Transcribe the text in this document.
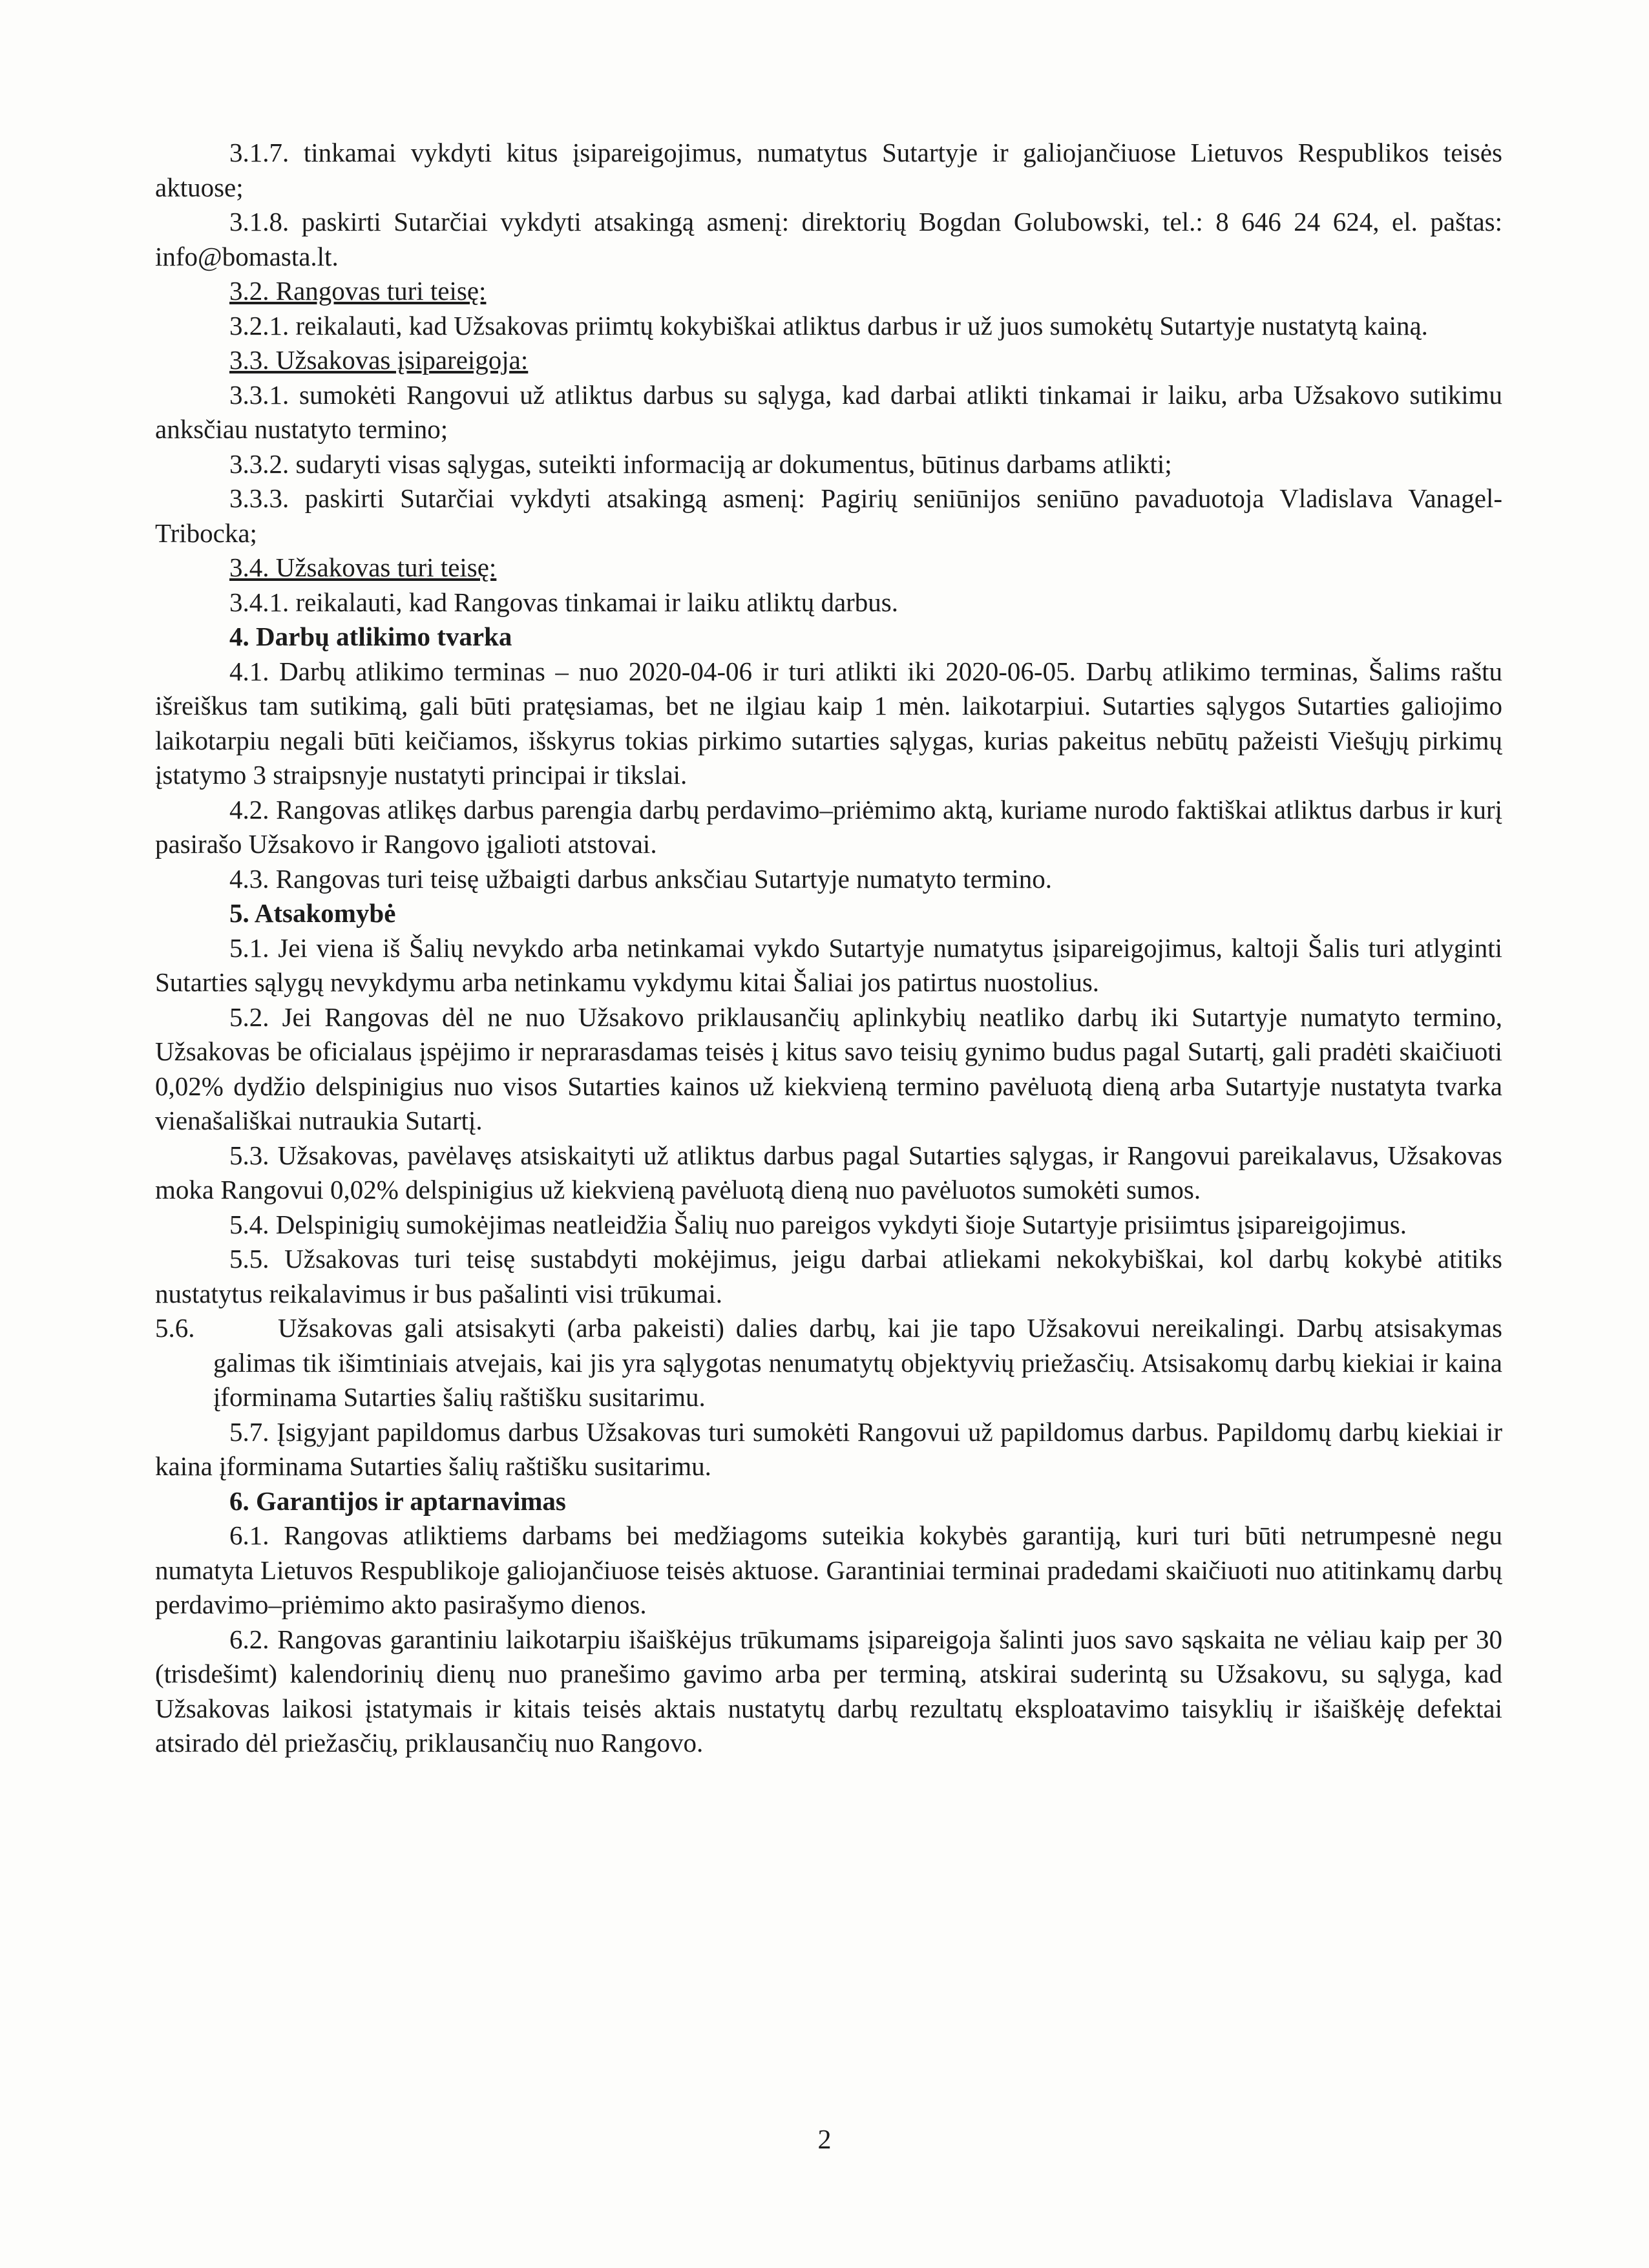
3.1.7. tinkamai vykdyti kitus įsipareigojimus, numatytus Sutartyje ir galiojančiuose Lietuvos Respublikos teisės aktuose;

3.1.8. paskirti Sutarčiai vykdyti atsakingą asmenį: direktorių Bogdan Golubowski, tel.: 8 646 24 624, el. paštas: info@bomasta.lt.

3.2. Rangovas turi teisę:

3.2.1. reikalauti, kad Užsakovas priimtų kokybiškai atliktus darbus ir už juos sumokėtų Sutartyje nustatytą kainą.

3.3. Užsakovas įsipareigoja:

3.3.1. sumokėti Rangovui už atliktus darbus su sąlyga, kad darbai atlikti tinkamai ir laiku, arba Užsakovo sutikimu anksčiau nustatyto termino;

3.3.2. sudaryti visas sąlygas, suteikti informaciją ar dokumentus, būtinus darbams atlikti;

3.3.3. paskirti Sutarčiai vykdyti atsakingą asmenį: Pagirių seniūnijos seniūno pavaduotoja Vladislava Vanagel-Tribocka;

3.4. Užsakovas turi teisę:

3.4.1. reikalauti, kad Rangovas tinkamai ir laiku atliktų darbus.

4. Darbų atlikimo tvarka

4.1. Darbų atlikimo terminas – nuo 2020-04-06 ir turi atlikti iki 2020-06-05. Darbų atlikimo terminas, Šalims raštu išreiškus tam sutikimą, gali būti pratęsiamas, bet ne ilgiau kaip 1 mėn. laikotarpiui. Sutarties sąlygos Sutarties galiojimo laikotarpiu negali būti keičiamos, išskyrus tokias pirkimo sutarties sąlygas, kurias pakeitus nebūtų pažeisti Viešųjų pirkimų įstatymo 3 straipsnyje nustatyti principai ir tikslai.

4.2. Rangovas atlikęs darbus parengia darbų perdavimo–priėmimo aktą, kuriame nurodo faktiškai atliktus darbus ir kurį pasirašo Užsakovo ir Rangovo įgalioti atstovai.

4.3. Rangovas turi teisę užbaigti darbus anksčiau Sutartyje numatyto termino.

5. Atsakomybė

5.1. Jei viena iš Šalių nevykdo arba netinkamai vykdo Sutartyje numatytus įsipareigojimus, kaltoji Šalis turi atlyginti Sutarties sąlygų nevykdymu arba netinkamu vykdymu kitai Šaliai jos patirtus nuostolius.

5.2. Jei Rangovas dėl ne nuo Užsakovo priklausančių aplinkybių neatliko darbų iki Sutartyje numatyto termino, Užsakovas be oficialaus įspėjimo ir neprarasdamas teisės į kitus savo teisių gynimo budus pagal Sutartį, gali pradėti skaičiuoti 0,02% dydžio delspinigius nuo visos Sutarties kainos už kiekvieną termino pavėluotą dieną arba Sutartyje nustatyta tvarka vienašališkai nutraukia Sutartį.

5.3. Užsakovas, pavėlavęs atsiskaityti už atliktus darbus pagal Sutarties sąlygas, ir Rangovui pareikalavus, Užsakovas moka Rangovui 0,02% delspinigius už kiekvieną pavėluotą dieną nuo pavėluotos sumokėti sumos.

5.4. Delspinigių sumokėjimas neatleidžia Šalių nuo pareigos vykdyti šioje Sutartyje prisiimtus įsipareigojimus.

5.5. Užsakovas turi teisę sustabdyti mokėjimus, jeigu darbai atliekami nekokybiškai, kol darbų kokybė atitiks nustatytus reikalavimus ir bus pašalinti visi trūkumai.

5.6.	Užsakovas gali atsisakyti (arba pakeisti) dalies darbų, kai jie tapo Užsakovui nereikalingi. Darbų atsisakymas galimas tik išimtiniais atvejais, kai jis yra sąlygotas nenumatytų objektyvių priežasčių. Atsisakomų darbų kiekiai ir kaina įforminama Sutarties šalių raštišku susitarimu.

5.7. Įsigyjant papildomus darbus Užsakovas turi sumokėti Rangovui už papildomus darbus. Papildomų darbų kiekiai ir kaina įforminama Sutarties šalių raštišku susitarimu.

6. Garantijos ir aptarnavimas

6.1. Rangovas atliktiems darbams bei medžiagoms suteikia kokybės garantiją, kuri turi būti netrumpesnė negu numatyta Lietuvos Respublikoje galiojančiuose teisės aktuose. Garantiniai terminai pradedami skaičiuoti nuo atitinkamų darbų perdavimo–priėmimo akto pasirašymo dienos.

6.2. Rangovas garantiniu laikotarpiu išaiškėjus trūkumams įsipareigoja šalinti juos savo sąskaita ne vėliau kaip per 30 (trisdešimt) kalendorinių dienų nuo pranešimo gavimo arba per terminą, atskirai suderintą su Užsakovu, su sąlyga, kad Užsakovas laikosi įstatymais ir kitais teisės aktais nustatytų darbų rezultatų eksploatavimo taisyklių ir išaiškėję defektai atsirado dėl priežasčių, priklausančių nuo Rangovo.

2
